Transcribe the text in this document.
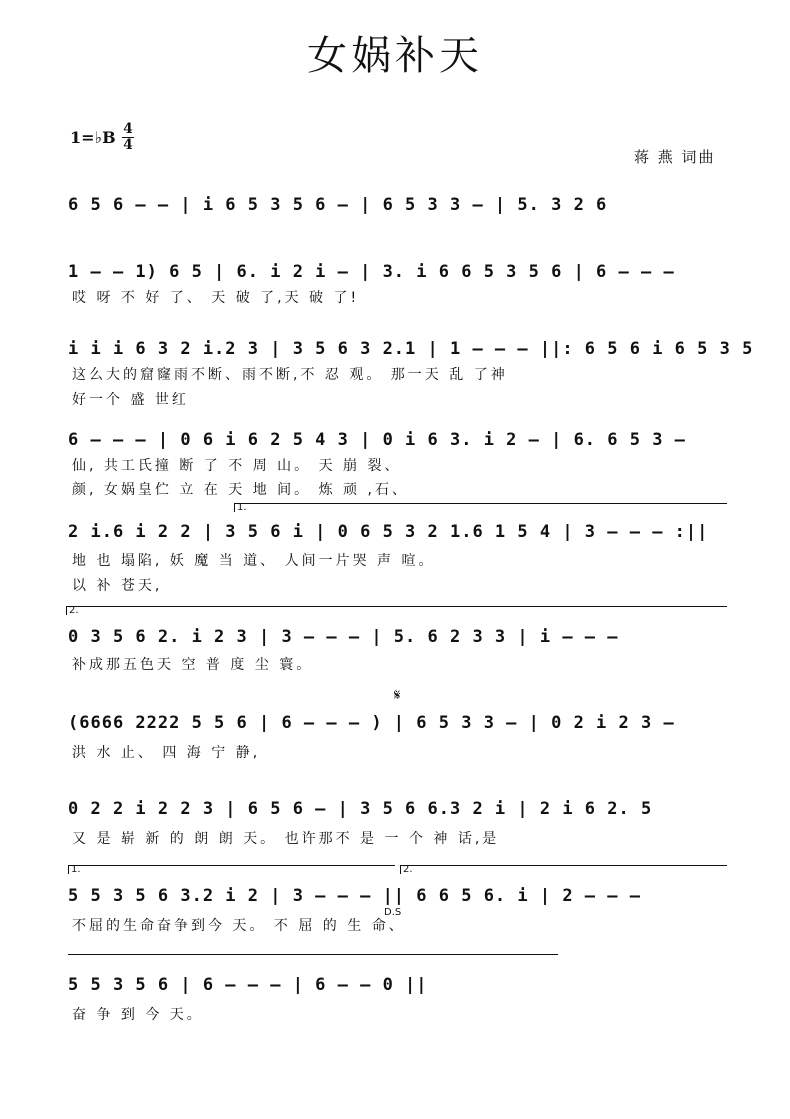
女娲补天
1=♭B 4
4
蒋 燕 词曲
6 5 6 – – | i 6 5 3 5 6 – | 6 5 3 3 – | 5. 3 2 6
1 – – 1) 6 5 | 6. i 2 i – | 3. i 6 6 5 3 5 6 | 6 – – –
哎 呀 不 好 了、 天 破 了,天 破 了!
i i i 6 3 2 i.2 3 | 3 5 6 3 2.1 | 1 – – – ||: 6 5 6 i 6 5 3 5
这么大的窟窿雨不断、雨不断,不 忍 观。 那一天 乱 了神
好一个 盛 世红
6 – – – | 0 6 i 6 2 5 4 3 | 0 i 6 3. i 2 – | 6. 6 5 3 –
仙, 共工氏撞 断 了 不 周 山。 天 崩 裂、
颜, 女娲皇伫 立 在 天 地 间。 炼 顽 ,石、
1.
2 i.6 i 2 2 | 3 5 6 i | 0 6 5 3 2 1.6 1 5 4 | 3 – – – :||
地 也 塌陷, 妖 魔 当 道、 人间一片哭 声 喧。
以 补 苍天,
2.
0 3 5 6 2. i 2 3 | 3 – – – | 5. 6 2 3 3 | i – – –
补成那五色天 空 普 度 尘 寰。
𝄋
(6666 2222 5 5 6 | 6 – – – ) | 6 5 3 3 – | 0 2 i 2 3 –
洪 水 止、 四 海 宁 静,
0 2 2 i 2 2 3 | 6 5 6 – | 3 5 6 6.3 2 i | 2 i 6 2. 5
又 是 崭 新 的 朗 朗 天。 也许那不 是 一 个 神 话,是
1.	2.
D.S
5 5 3 5 6 3.2 i 2 | 3 – – – || 6 6 5 6. i | 2 – – –
不屈的生命奋争到今 天。 不 屈 的 生 命、
5 5 3 5 6 | 6 – – – | 6 – – 0 ||
奋 争 到 今 天。
